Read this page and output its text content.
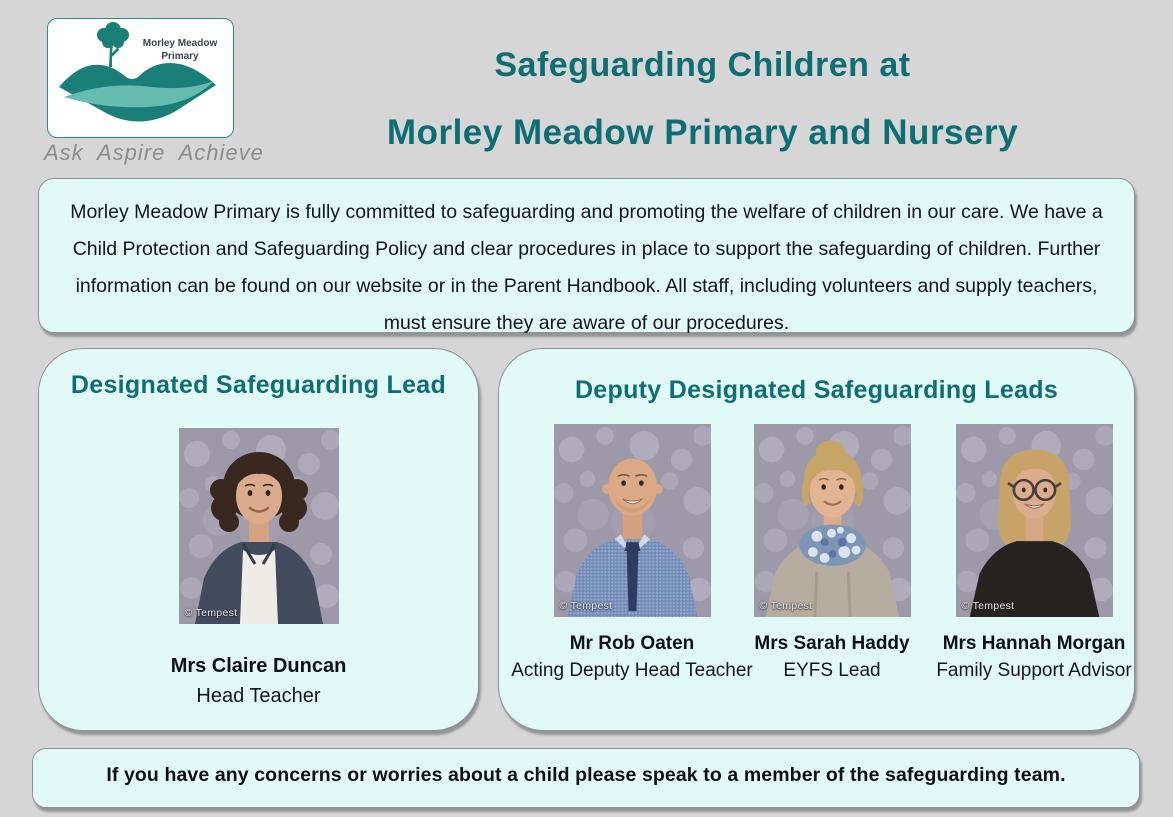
Morley Meadow
Primary
Ask Aspire Achieve
Safeguarding Children at
Morley Meadow Primary and Nursery

Morley Meadow Primary is fully committed to safeguarding and promoting the welfare of children in our care. We have a Child Protection and Safeguarding Policy and clear procedures in place to support the safeguarding of children. Further information can be found on our website or in the Parent Handbook. All staff, including volunteers and supply teachers, must ensure they are aware of our procedures.

Designated Safeguarding Lead
© Tempest
Mrs Claire Duncan
Head Teacher
Deputy Designated Safeguarding Leads
© Tempest
Mr Rob Oaten
Acting Deputy Head Teacher
© Tempest
Mrs Sarah Haddy
EYFS Lead
© Tempest
Mrs Hannah Morgan
Family Support Advisor

If you have any concerns or worries about a child please speak to a member of the safeguarding team.
